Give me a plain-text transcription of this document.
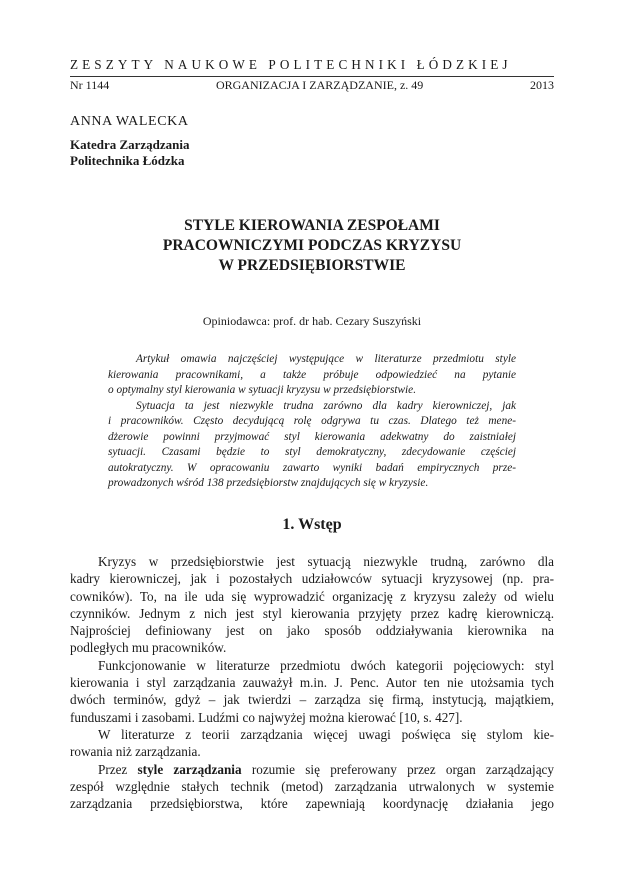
ZESZYTY NAUKOWE POLITECHNIKI ŁÓDZKIEJ
Nr 1144	ORGANIZACJA I ZARZĄDZANIE, z. 49	2013
ANNA WALECKA
Katedra Zarządzania
Politechnika Łódzka
STYLE KIEROWANIA ZESPOŁAMI
PRACOWNICZYMI PODCZAS KRYZYSU
W PRZEDSIĘBIORSTWIE
Opiniodawca: prof. dr hab. Cezary Suszyński
Artykuł omawia najczęściej występujące w literaturze przedmiotu style
kierowania pracownikami, a także próbuje odpowiedzieć na pytanie
o optymalny styl kierowania w sytuacji kryzysu w przedsiębiorstwie.
Sytuacja ta jest niezwykle trudna zarówno dla kadry kierowniczej, jak
i pracowników. Często decydującą rolę odgrywa tu czas. Dlatego też mene-
dżerowie powinni przyjmować styl kierowania adekwatny do zaistniałej
sytuacji. Czasami będzie to styl demokratyczny, zdecydowanie częściej
autokratyczny. W opracowaniu zawarto wyniki badań empirycznych prze-
prowadzonych wśród 138 przedsiębiorstw znajdujących się w kryzysie.
1. Wstęp
Kryzys w przedsiębiorstwie jest sytuacją niezwykle trudną, zarówno dla
kadry kierowniczej, jak i pozostałych udziałowców sytuacji kryzysowej (np. pra-
cowników). To, na ile uda się wyprowadzić organizację z kryzysu zależy od wielu
czynników. Jednym z nich jest styl kierowania przyjęty przez kadrę kierowniczą.
Najprościej definiowany jest on jako sposób oddziaływania kierownika na
podległych mu pracowników.
Funkcjonowanie w literaturze przedmiotu dwóch kategorii pojęciowych: styl
kierowania i styl zarządzania zauważył m.in. J. Penc. Autor ten nie utożsamia tych
dwóch terminów, gdyż – jak twierdzi – zarządza się firmą, instytucją, majątkiem,
funduszami i zasobami. Ludźmi co najwyżej można kierować [10, s. 427].
W literaturze z teorii zarządzania więcej uwagi poświęca się stylom kie-
rowania niż zarządzania.
Przez style zarządzania rozumie się preferowany przez organ zarządzający
zespół względnie stałych technik (metod) zarządzania utrwalonych w systemie
zarządzania przedsiębiorstwa, które zapewniają koordynację działania jego
